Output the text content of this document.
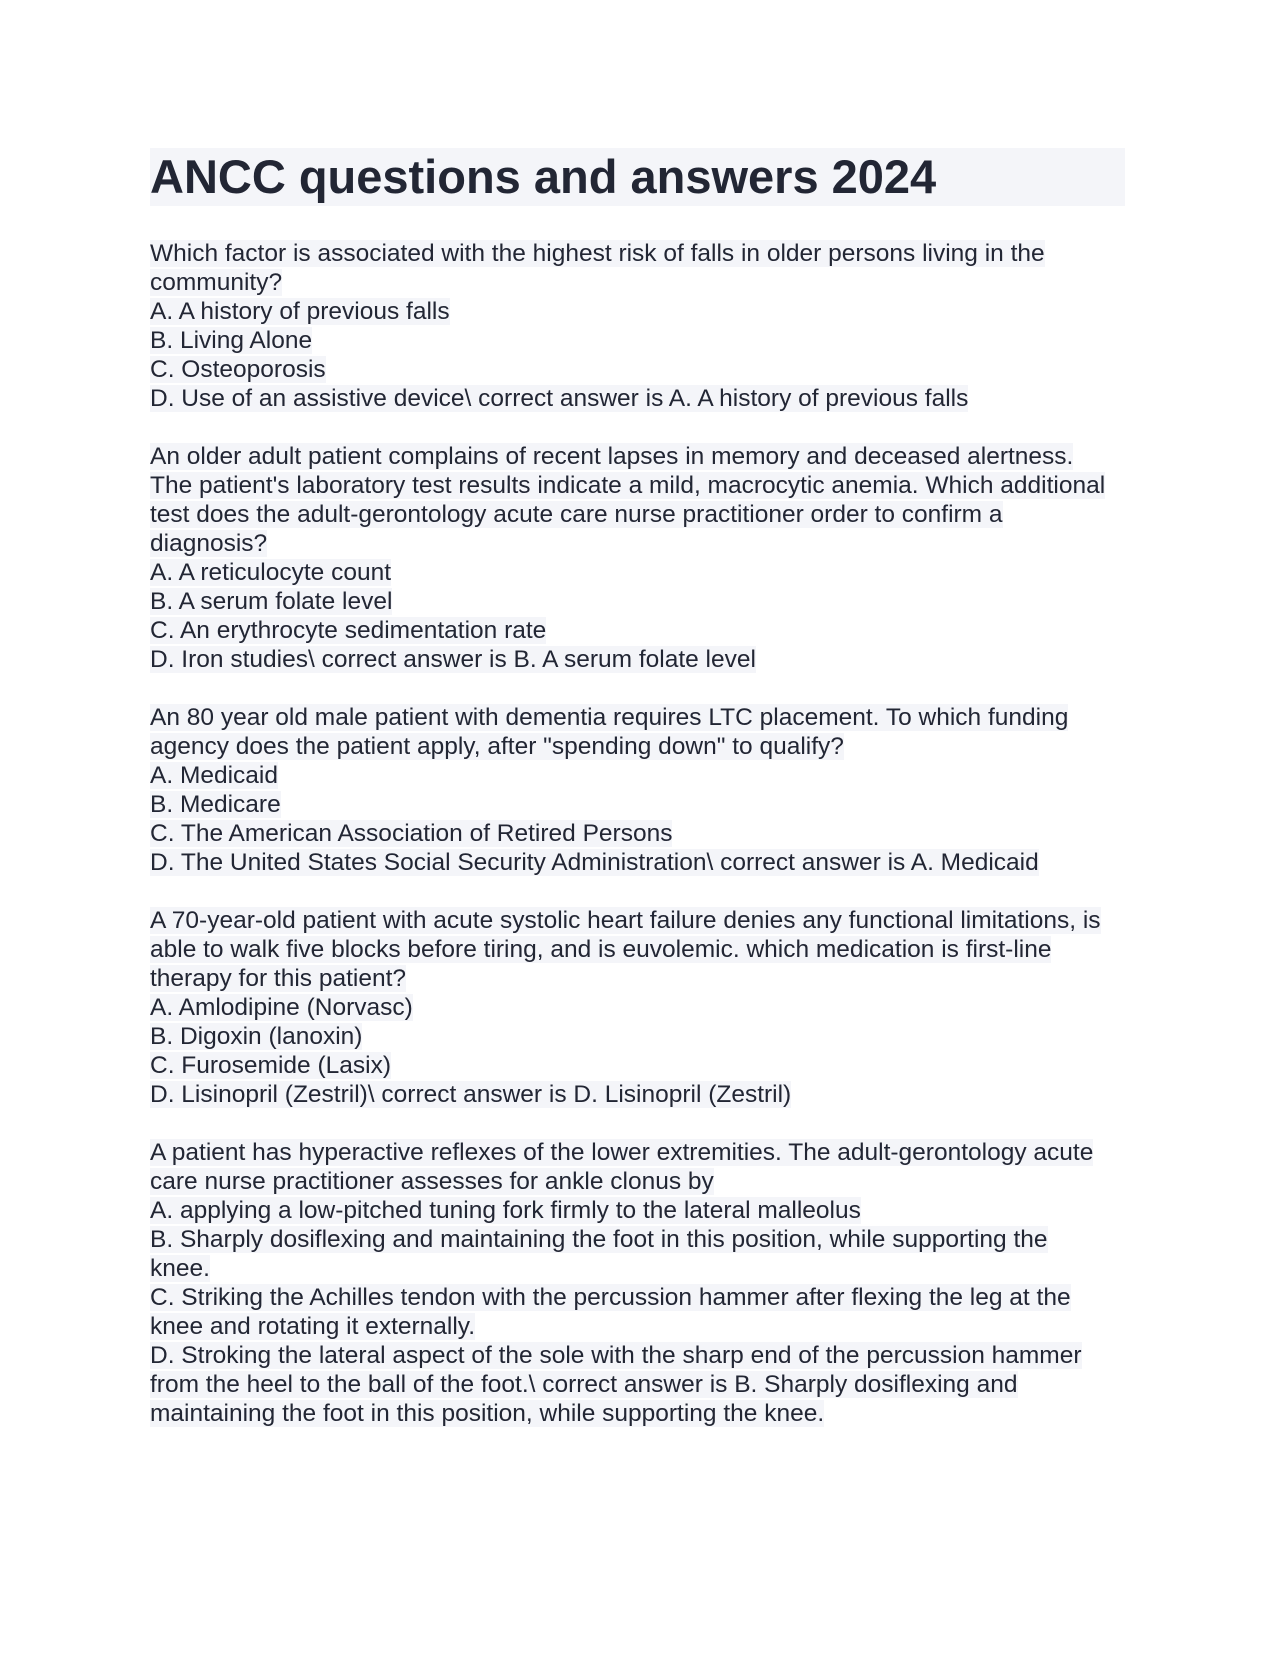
ANCC questions and answers 2024
Which factor is associated with the highest risk of falls in older persons living in the
community?
A. A history of previous falls
B. Living Alone
C. Osteoporosis
D. Use of an assistive device\ correct answer is A. A history of previous falls
An older adult patient complains of recent lapses in memory and deceased alertness.
The patient's laboratory test results indicate a mild, macrocytic anemia. Which additional
test does the adult-gerontology acute care nurse practitioner order to confirm a
diagnosis?
A. A reticulocyte count
B. A serum folate level
C. An erythrocyte sedimentation rate
D. Iron studies\ correct answer is B. A serum folate level
An 80 year old male patient with dementia requires LTC placement. To which funding
agency does the patient apply, after "spending down" to qualify?
A. Medicaid
B. Medicare
C. The American Association of Retired Persons
D. The United States Social Security Administration\ correct answer is A. Medicaid
A 70-year-old patient with acute systolic heart failure denies any functional limitations, is
able to walk five blocks before tiring, and is euvolemic. which medication is first-line
therapy for this patient?
A. Amlodipine (Norvasc)
B. Digoxin (lanoxin)
C. Furosemide (Lasix)
D. Lisinopril (Zestril)\ correct answer is D. Lisinopril (Zestril)
A patient has hyperactive reflexes of the lower extremities. The adult-gerontology acute
care nurse practitioner assesses for ankle clonus by
A. applying a low-pitched tuning fork firmly to the lateral malleolus
B. Sharply dosiflexing and maintaining the foot in this position, while supporting the
knee.
C. Striking the Achilles tendon with the percussion hammer after flexing the leg at the
knee and rotating it externally.
D. Stroking the lateral aspect of the sole with the sharp end of the percussion hammer
from the heel to the ball of the foot.\ correct answer is B. Sharply dosiflexing and
maintaining the foot in this position, while supporting the knee.
